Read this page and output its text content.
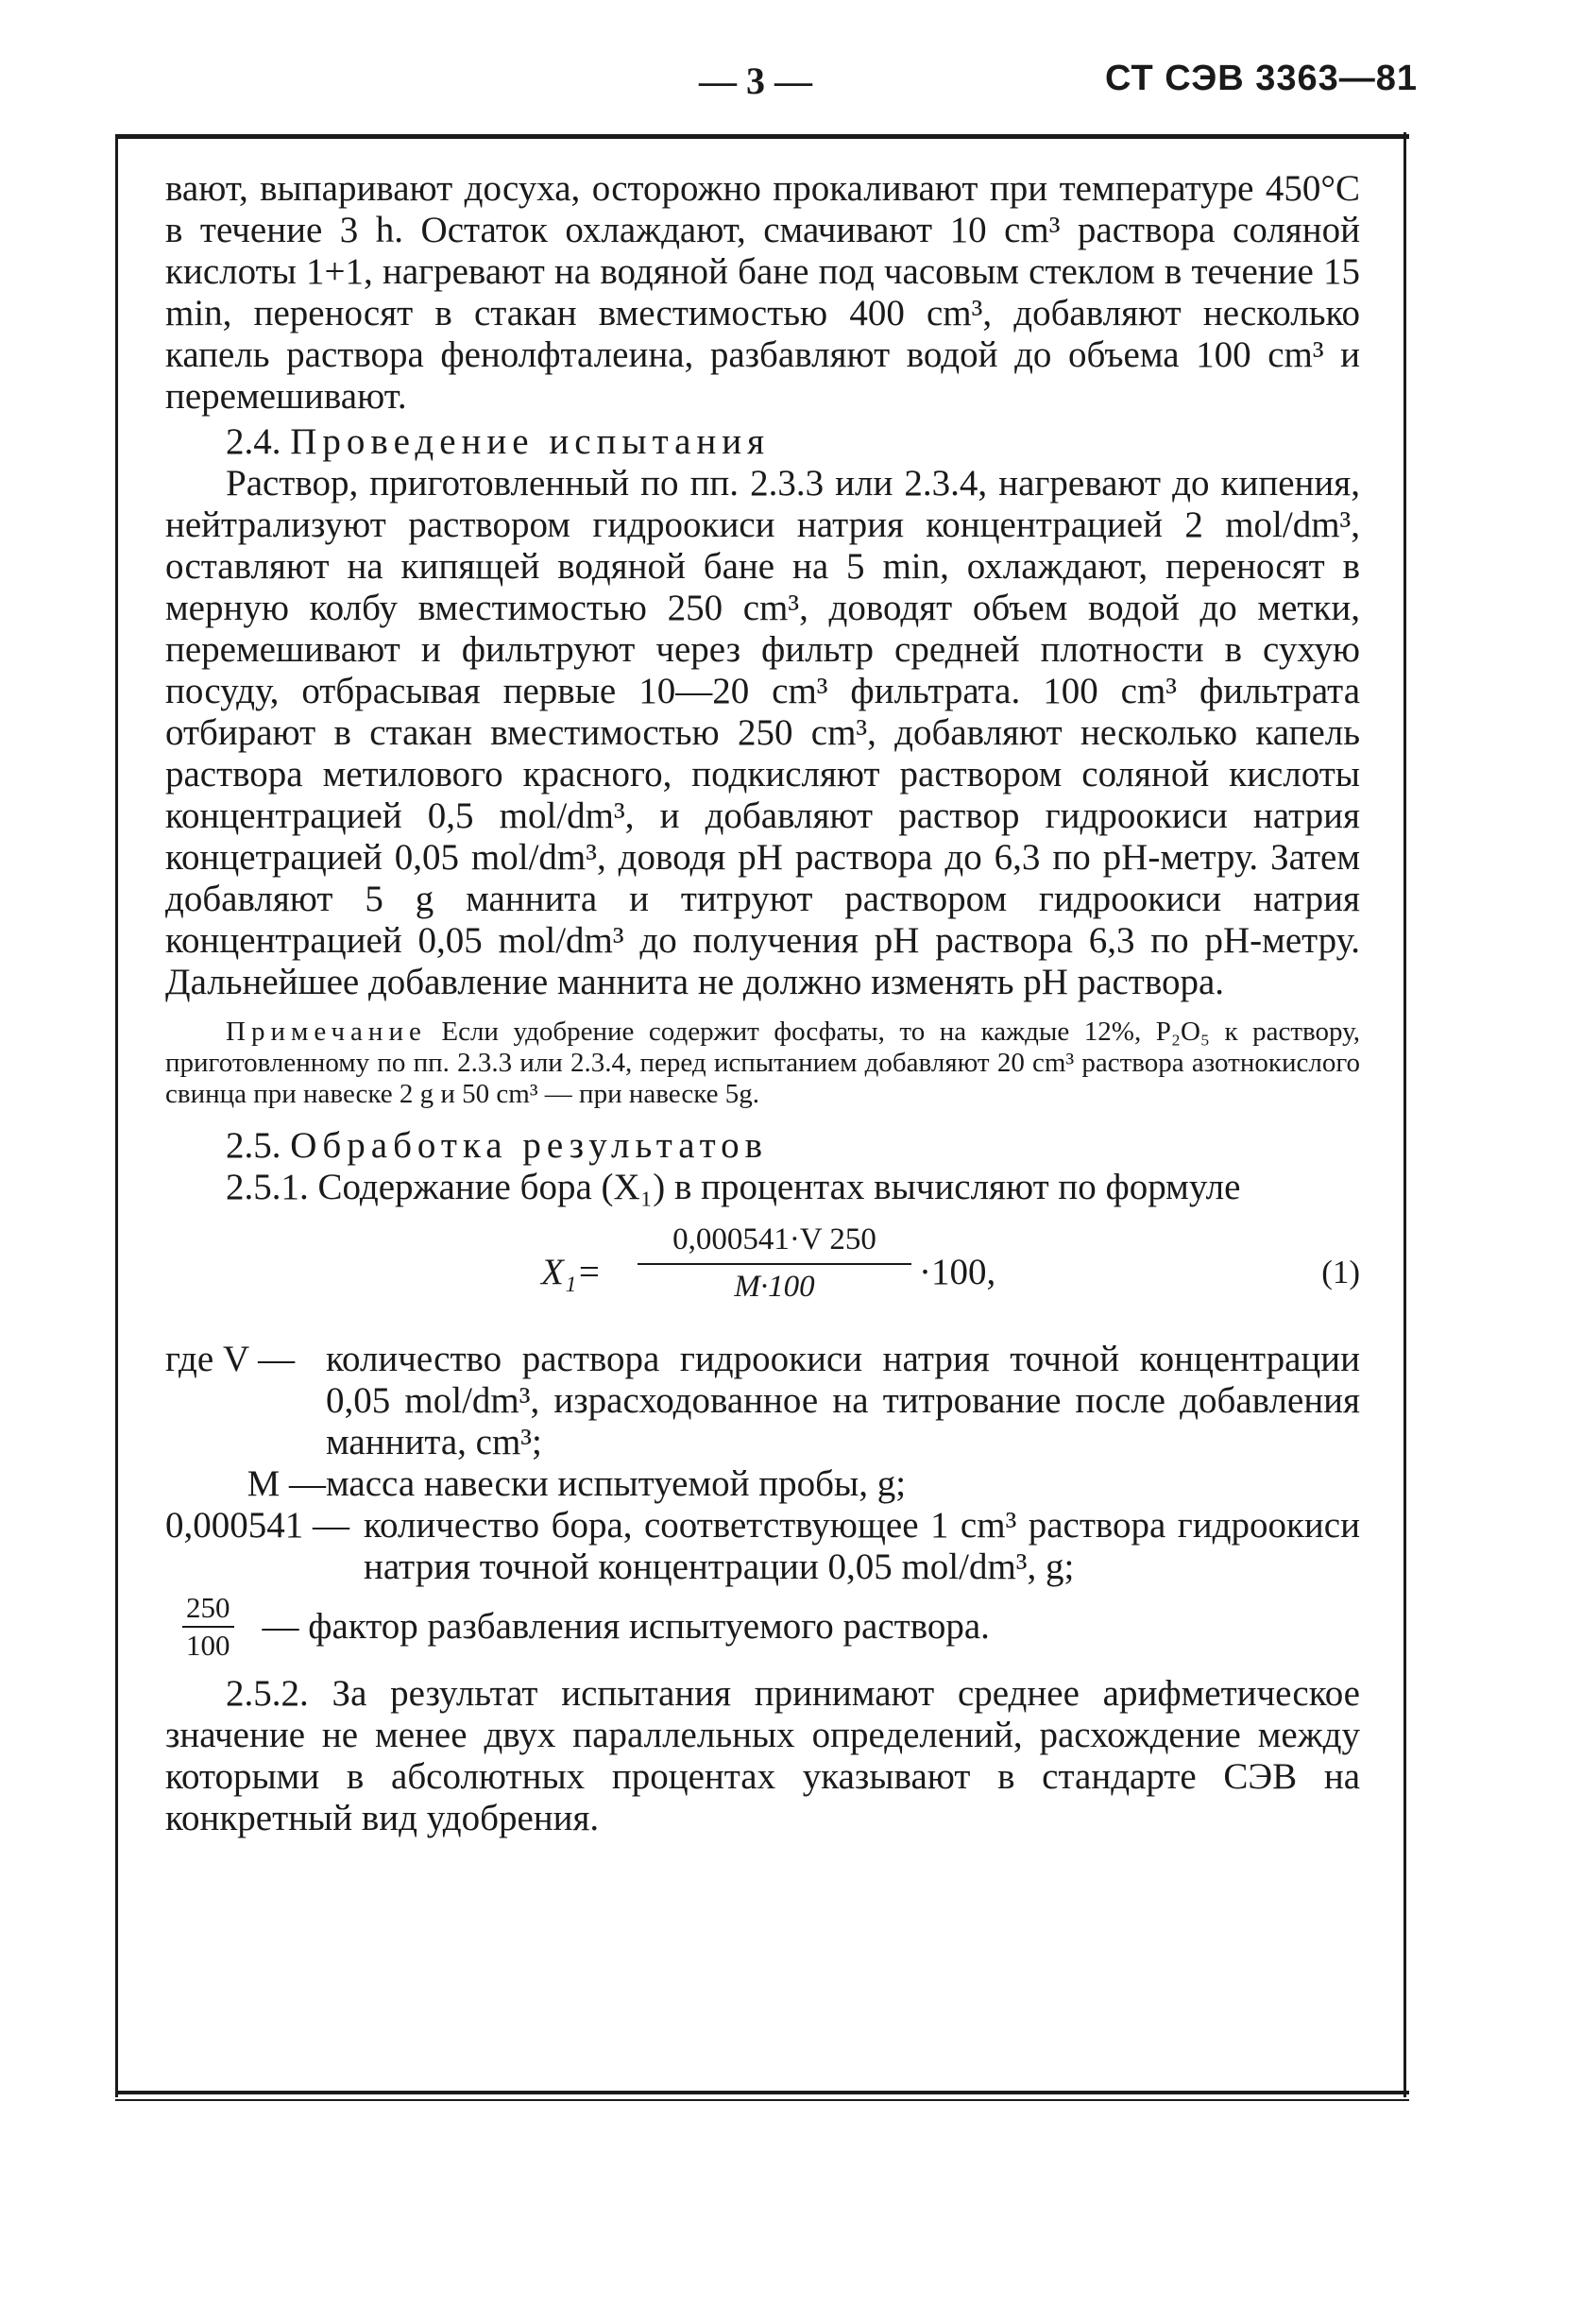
— 3 —	СТ СЭВ 3363—81

вают, выпаривают досуха, осторожно прокаливают при температуре 450°C в течение 3 h. Остаток охлаждают, смачивают 10 cm³ раствора соляной кислоты 1+1, нагревают на водяной бане под часовым стеклом в течение 15 min, переносят в стакан вместимостью 400 cm³, добавляют несколько капель раствора фенолфталеина, разбавляют водой до объема 100 cm³ и перемешивают.

2.4. Проведение испытания

Раствор, приготовленный по пп. 2.3.3 или 2.3.4, нагревают до кипения, нейтрализуют раствором гидроокиси натрия концентрацией 2 mol/dm³, оставляют на кипящей водяной бане на 5 min, охлаждают, переносят в мерную колбу вместимостью 250 cm³, доводят объем водой до метки, перемешивают и фильтруют через фильтр средней плотности в сухую посуду, отбрасывая первые 10—20 cm³ фильтрата. 100 cm³ фильтрата отбирают в стакан вместимостью 250 cm³, добавляют несколько капель раствора метилового красного, подкисляют раствором соляной кислоты концентрацией 0,5 mol/dm³, и добавляют раствор гидроокиси натрия концетрацией 0,05 mol/dm³, доводя pH раствора до 6,3 по pH-метру. Затем добавляют 5 g маннита и титруют раствором гидроокиси натрия концентрацией 0,05 mol/dm³ до получения pH раствора 6,3 по pH-метру. Дальнейшее добавление маннита не должно изменять pH раствора.

Примечание Если удобрение содержит фосфаты, то на каждые 12%, P₂O₅ к раствору, приготовленному по пп. 2.3.3 или 2.3.4, перед испытанием добавляют 20 cm³ раствора азотнокислого свинца при навеске 2 g и 50 cm³ — при навеске 5g.

2.5. Обработка результатов

2.5.1. Содержание бора (X₁) в процентах вычисляют по формуле

$X_1= \frac{0,000541\cdot V 250}{M\cdot 100} \cdot 100$,	(1)
где V — количество раствора гидроокиси натрия точной концентрации 0,05 mol/dm³, израсходованное на титрование после добавления маннита, cm³;
M — масса навески испытуемой пробы, g;
0,000541 — количество бора, соответствующее 1 cm³ раствора гидроокиси натрия точной концентрации 0,05 mol/dm³, g;
$\frac{250}{100}$ — фактор разбавления испытуемого раствора.

2.5.2. За результат испытания принимают среднее арифметическое значение не менее двух параллельных определений, расхождение между которыми в абсолютных процентах указывают в стандарте СЭВ на конкретный вид удобрения.
